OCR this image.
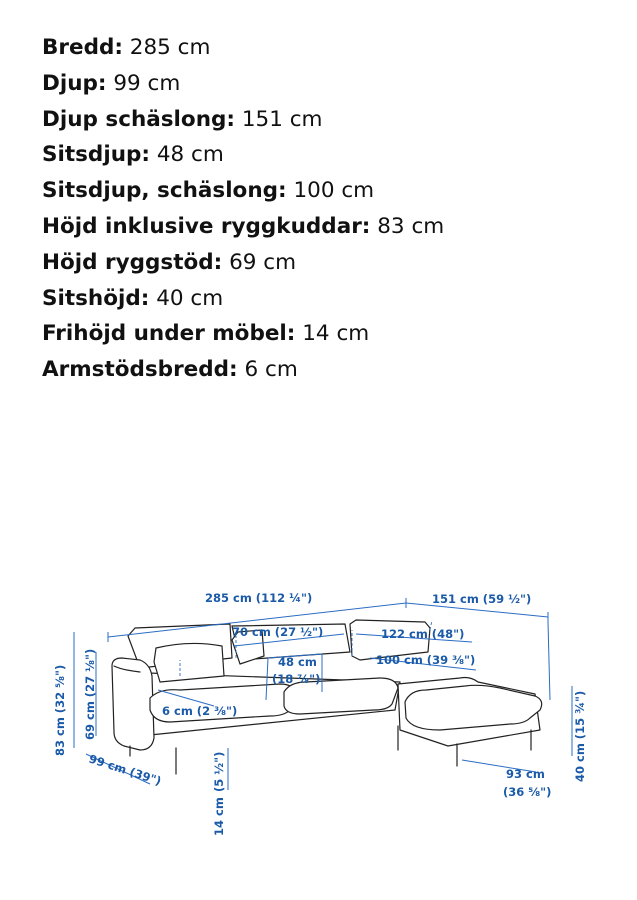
Bredd: 285 cm
Djup: 99 cm
Djup schäslong: 151 cm
Sitsdjup: 48 cm
Sitsdjup, schäslong: 100 cm
Höjd inklusive ryggkuddar: 83 cm
Höjd ryggstöd: 69 cm
Sitshöjd: 40 cm
Frihöjd under möbel: 14 cm
Armstödsbredd: 6 cm
285 cm (112 ¼")	151 cm (59 ½")
70 cm (27 ½")	122 cm (48")
48 cm
(18 ⅞")
100 cm (39 ⅜")
6 cm (2 ⅜")
83 cm (32 ⅝") 69 cm (27 ⅛")
99 cm (39")	(5 ½")
14 cm
93 cm
(36 ⅝")
40 cm (15 ¾")
